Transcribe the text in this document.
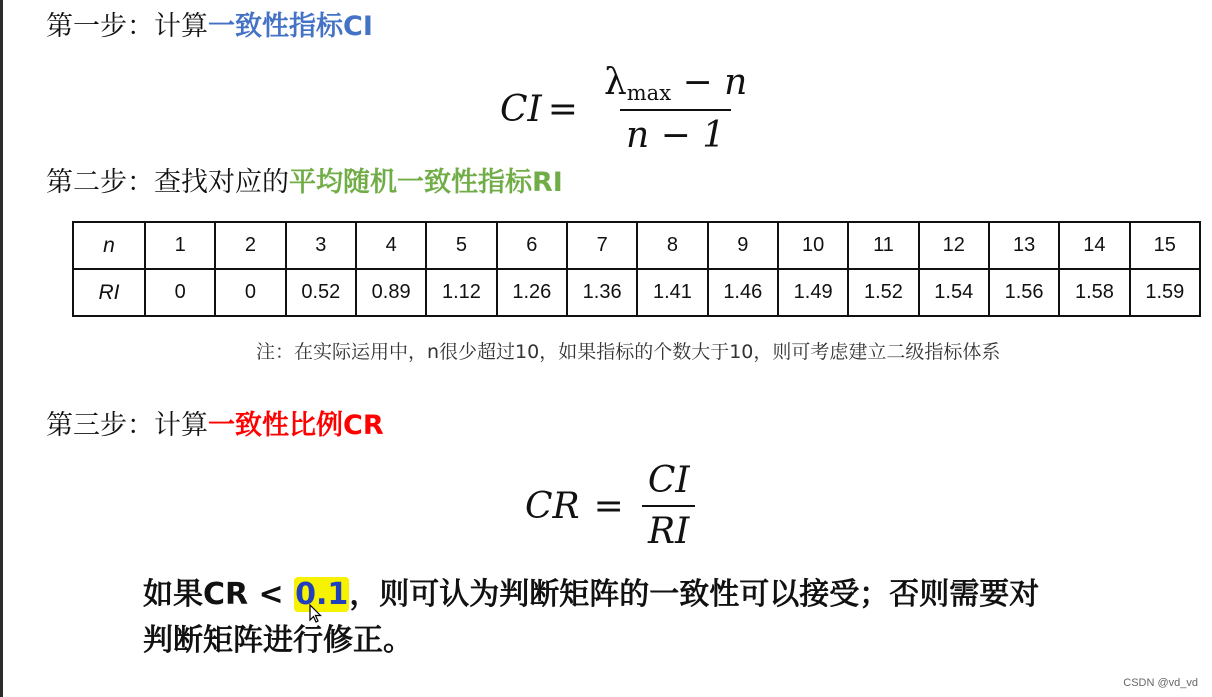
第一步：计算一致性指标CI
CI = $\frac{\lambda_{max} - n}{n - 1}$
第二步：查找对应的平均随机一致性指标RI
n	1	2	3	4	5	6	7	8	9	10	11	12	13	14	15
RI	0	0	0.52	0.89	1.12	1.26	1.36	1.41	1.46	1.49	1.52	1.54	1.56	1.58	1.59
注：在实际运用中，n很少超过10，如果指标的个数大于10，则可考虑建立二级指标体系
第三步：计算一致性比例CR
CR = $\frac{CI}{RI}$
如果CR < 0.1，则可认为判断矩阵的一致性可以接受；否则需要对
判断矩阵进行修正。
CSDN @vd_vd
